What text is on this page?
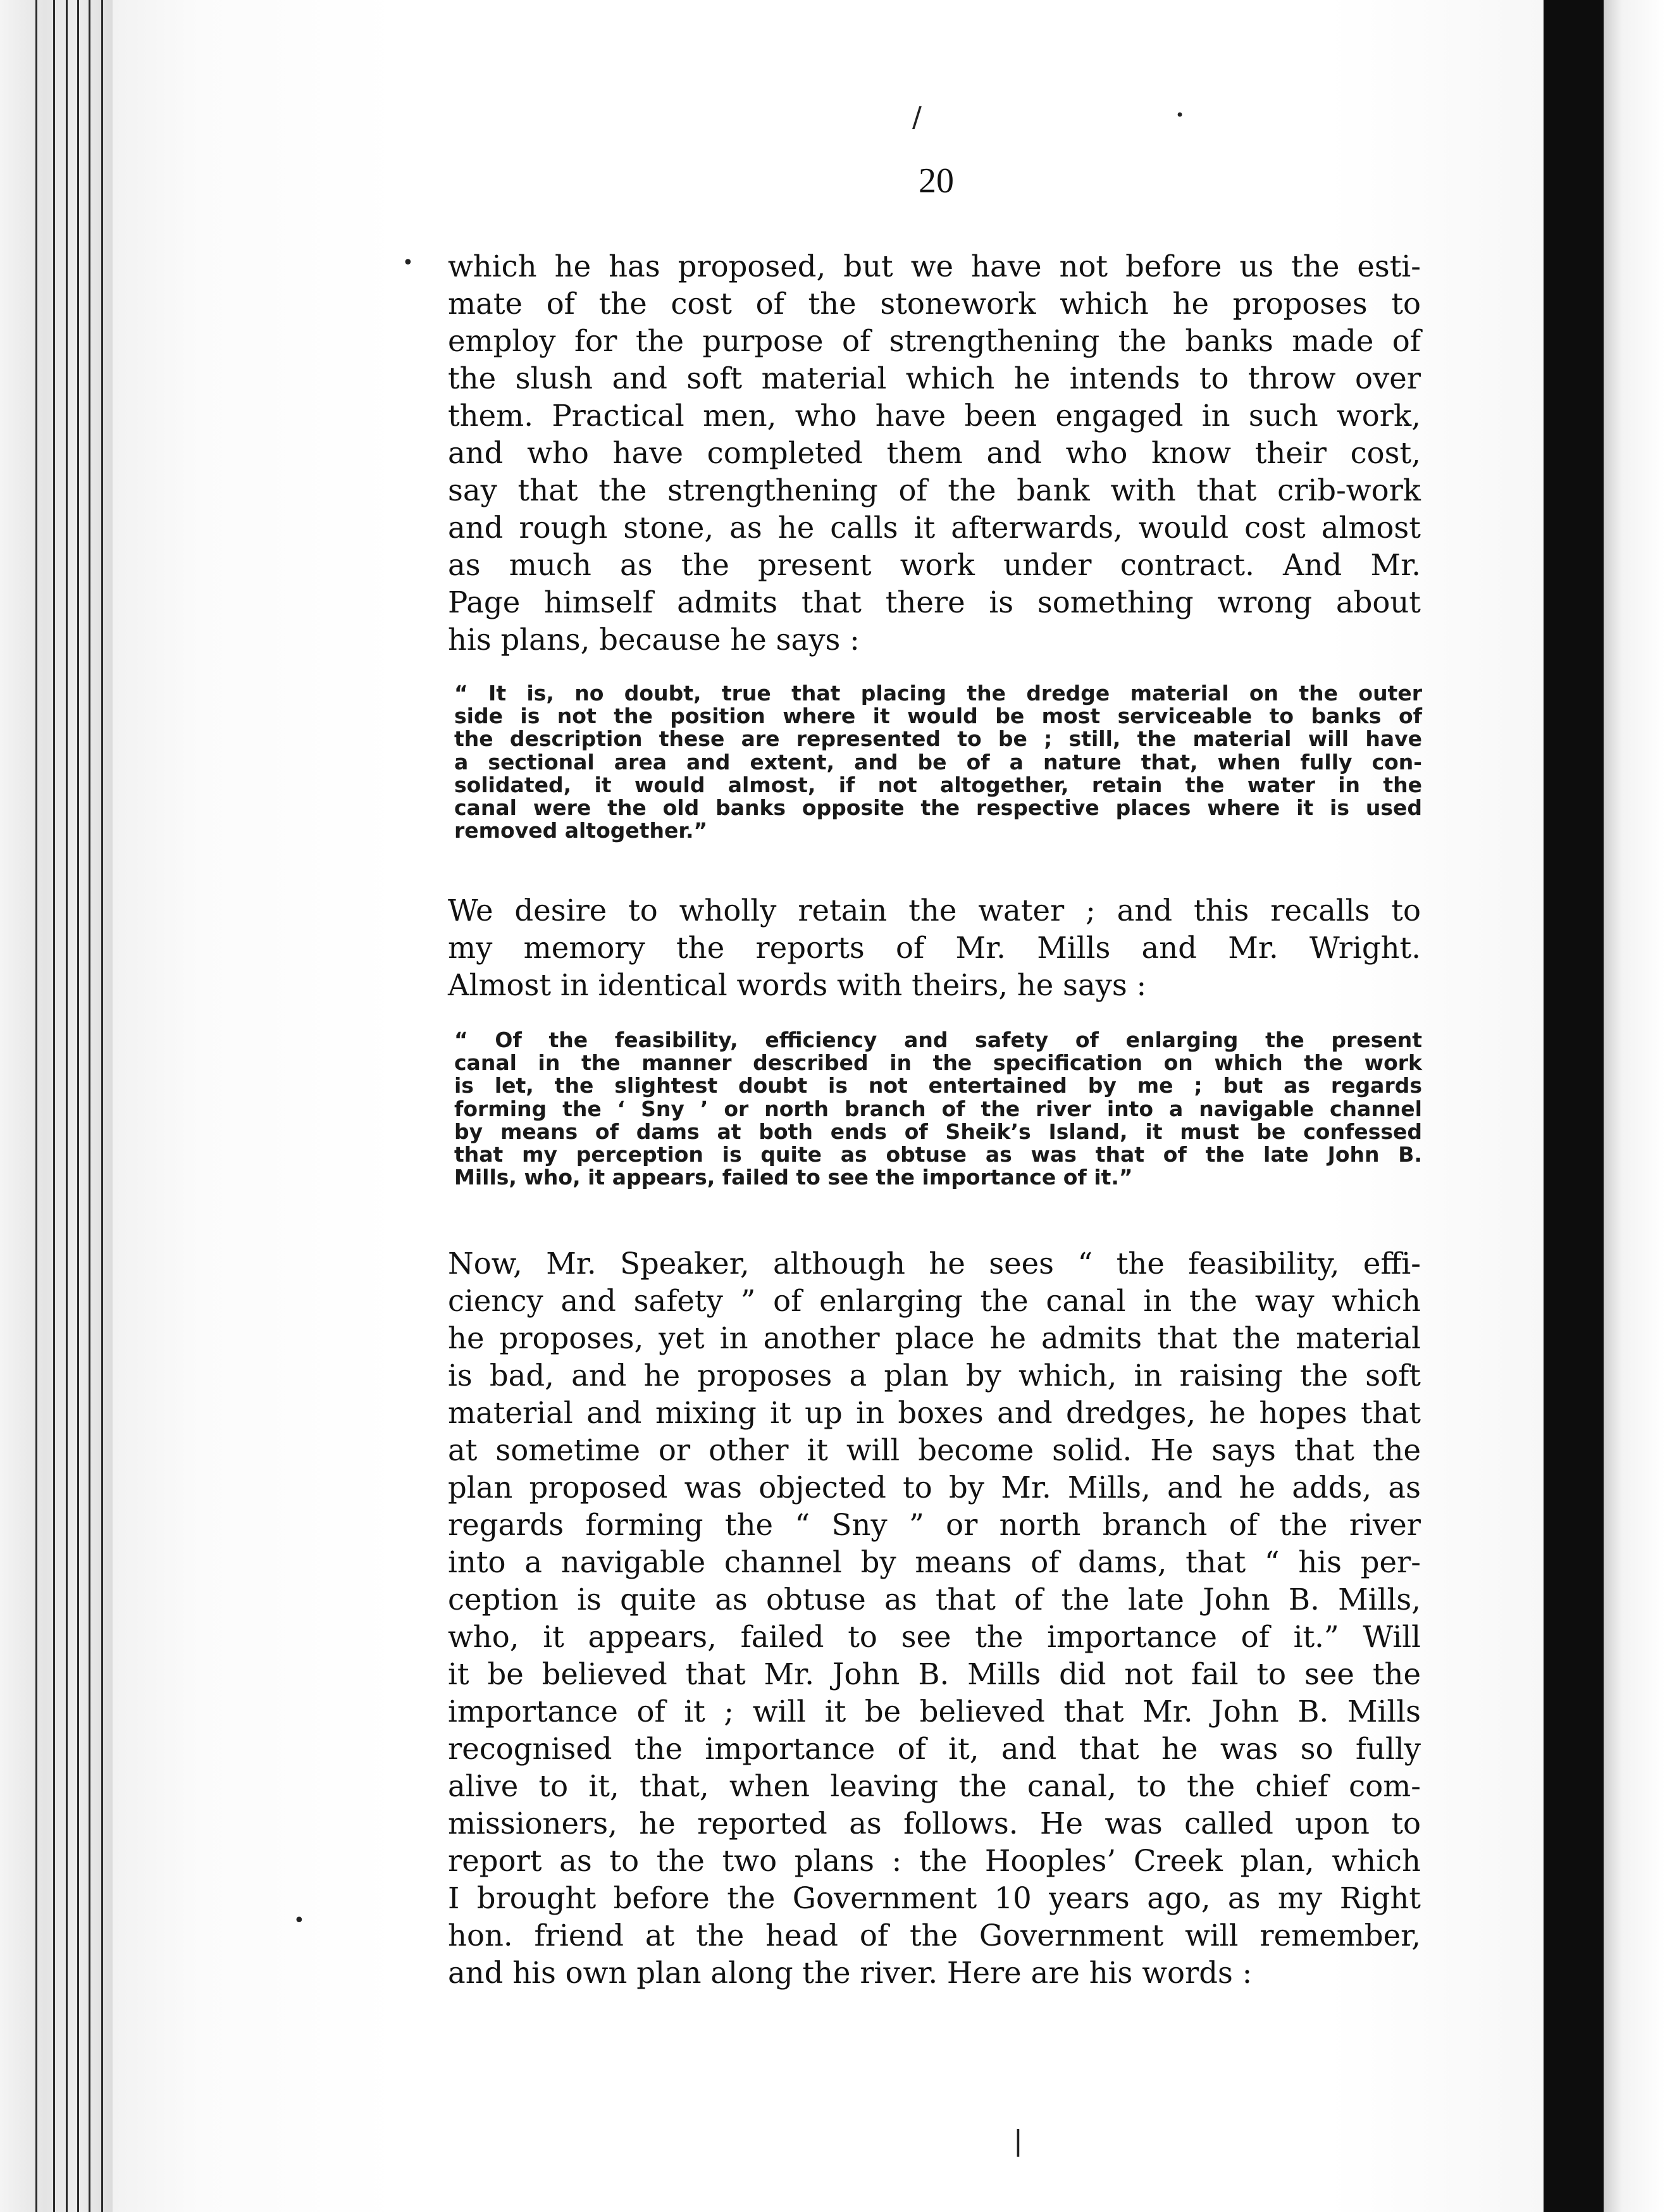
/	•
•
•
|
20
which he has proposed, but we have not before us the esti-
mate of the cost of the stonework which he proposes to
employ for the purpose of strengthening the banks made of
the slush and soft material which he intends to throw over
them. Practical men, who have been engaged in such work,
and who have completed them and who know their cost,
say that the strengthening of the bank with that crib-work
and rough stone, as he calls it afterwards, would cost almost
as much as the present work under contract. And Mr.
Page himself admits that there is something wrong about
his plans, because he says :
“ It is, no doubt, true that placing the dredge material on the outer
side is not the position where it would be most serviceable to banks of
the description these are represented to be ; still, the material will have
a sectional area and extent, and be of a nature that, when fully con-
solidated, it would almost, if not altogether, retain the water in the
canal were the old banks opposite the respective places where it is used
removed altogether.”
We desire to wholly retain the water ; and this recalls to
my memory the reports of Mr. Mills and Mr. Wright.
Almost in identical words with theirs, he says :
“ Of the feasibility, efficiency and safety of enlarging the present
canal in the manner described in the specification on which the work
is let, the slightest doubt is not entertained by me ; but as regards
forming the ‘ Sny ’ or north branch of the river into a navigable channel
by means of dams at both ends of Sheik’s Island, it must be confessed
that my perception is quite as obtuse as was that of the late John B.
Mills, who, it appears, failed to see the importance of it.”
Now, Mr. Speaker, although he sees “ the feasibility, effi-
ciency and safety ” of enlarging the canal in the way which
he proposes, yet in another place he admits that the material
is bad, and he proposes a plan by which, in raising the soft
material and mixing it up in boxes and dredges, he hopes that
at sometime or other it will become solid. He says that the
plan proposed was objected to by Mr. Mills, and he adds, as
regards forming the “ Sny ” or north branch of the river
into a navigable channel by means of dams, that “ his per-
ception is quite as obtuse as that of the late John B. Mills,
who, it appears, failed to see the importance of it.” Will
it be believed that Mr. John B. Mills did not fail to see the
importance of it ; will it be believed that Mr. John B. Mills
recognised the importance of it, and that he was so fully
alive to it, that, when leaving the canal, to the chief com-
missioners, he reported as follows. He was called upon to
report as to the two plans : the Hooples’ Creek plan, which
I brought before the Government 10 years ago, as my Right
hon. friend at the head of the Government will remember,
and his own plan along the river. Here are his words :
